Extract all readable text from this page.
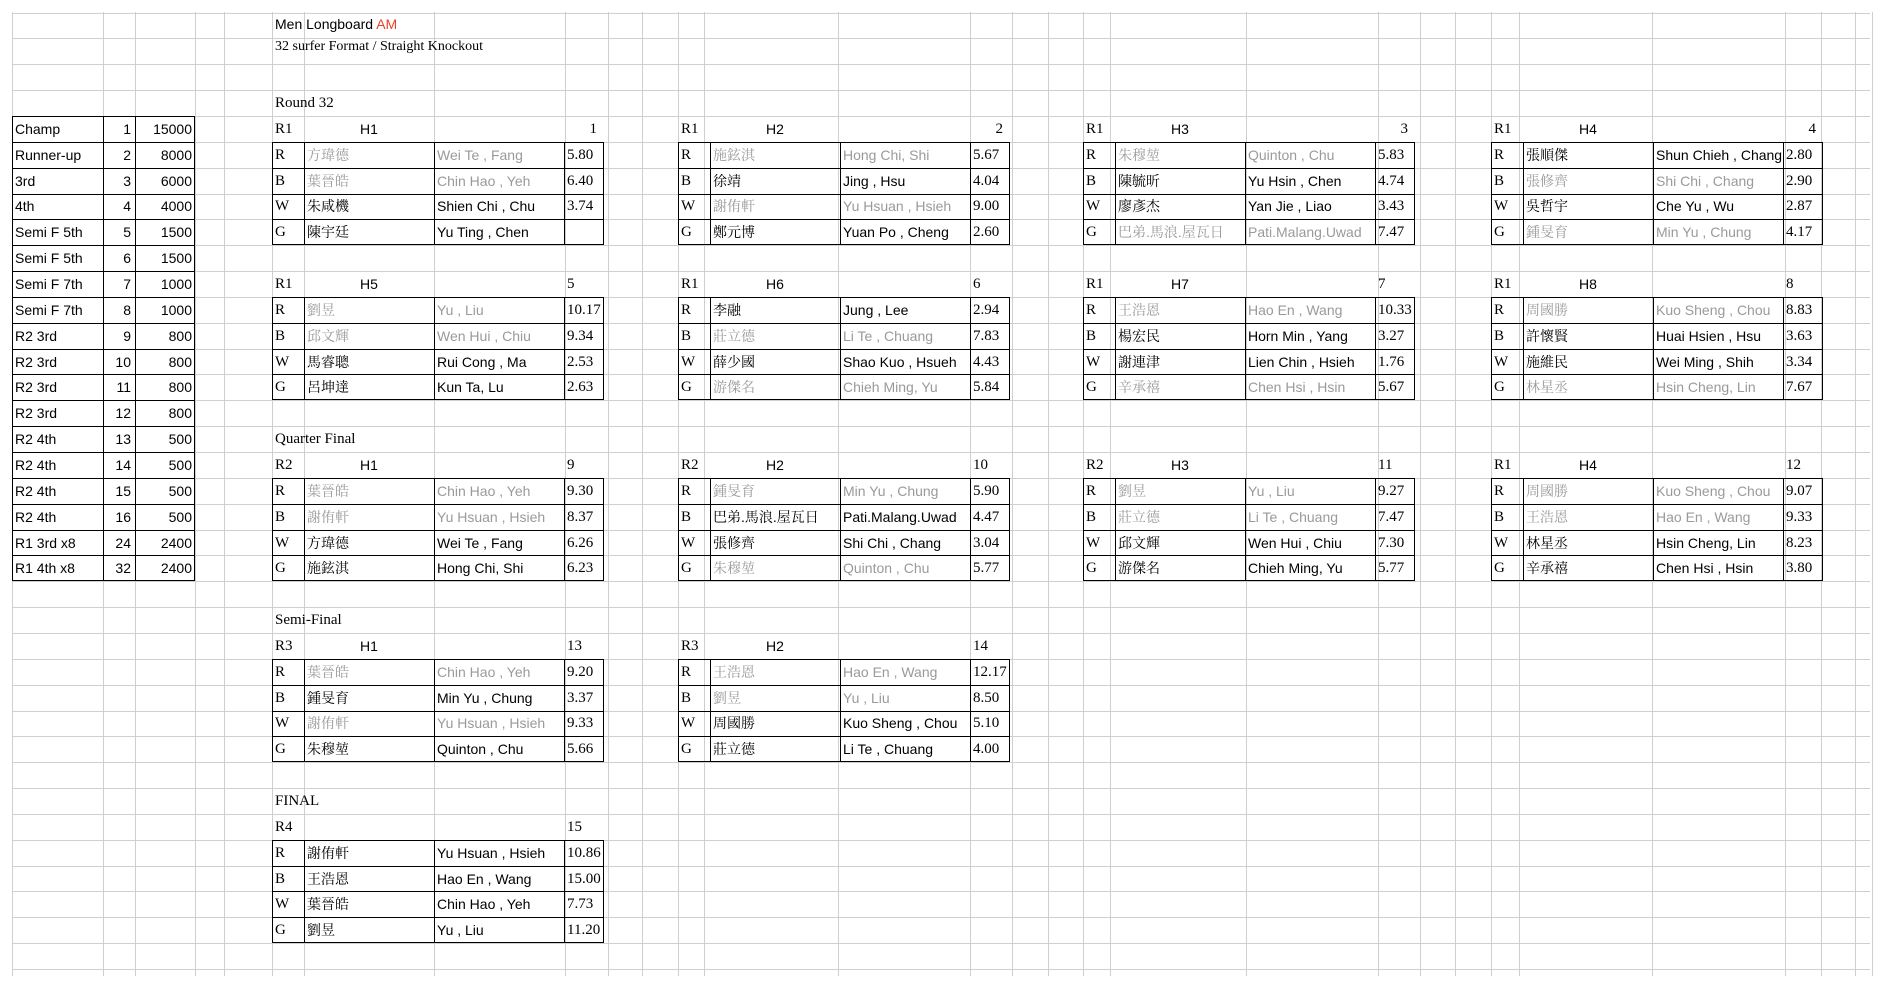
Men Longboard AM
32 surfer Format / Straight Knockout
Champ	1	15000
Runner-up	2	8000
3rd	3	6000
4th	4	4000
Semi F 5th	5	1500
Semi F 5th	6	1500
Semi F 7th	7	1000
Semi F 7th	8	1000
R2 3rd	9	800
R2 3rd	10	800
R2 3rd	11	800
R2 3rd	12	800
R2 4th	13	500
R2 4th	14	500
R2 4th	15	500
R2 4th	16	500
R1 3rd x8	24	2400
R1 4th x8	32	2400
Round 32
R1	H1	1
R 方瑋德	Wei Te , Fang	5.80
B 葉晉皓	Chin Hao , Yeh 6.40
W 朱咸機	Shien Chi , Chu 3.74
G 陳宇廷	Yu Ting , Chen
R1	H2	2
R 施鉉淇	Hong Chi, Shi	5.67
B 徐靖	Jing , Hsu	4.04
W 謝侑軒	Yu Hsuan , Hsieh 9.00
G 鄭元博	Yuan Po , Cheng 2.60
R1	H3	3
R 朱穆堃	Quinton , Chu	5.83
B 陳毓昕	Yu Hsin , Chen 4.74
W 廖彥杰	Yan Jie , Liao	3.43
G 巴弟.馬浪.屋瓦日 Pati.Malang.Uwad 7.47
R1	H4	4
R 張順傑	Shun Chieh , Chang 2.80
B 張修齊	Shi Chi , Chang 2.90
W 吳哲宇	Che Yu , Wu	2.87
G 鍾旻育	Min Yu , Chung 4.17
R1	H5	5
R 劉昱	Yu , Liu	10.17
B 邱文輝	Wen Hui , Chiu 9.34
W 馬睿聰	Rui Cong , Ma	2.53
G 呂坤達	Kun Ta, Lu	2.63
R1	H6	6
R 李融	Jung , Lee	2.94
B 莊立德	Li Te , Chuang	7.83
W 薛少國	Shao Kuo , Hsueh 4.43
G 游傑名	Chieh Ming, Yu 5.84
R1	H7	7
R 王浩恩	Hao En , Wang 10.33
B 楊宏民	Horn Min , Yang 3.27
W 謝連津	Lien Chin , Hsieh 1.76
G 辛承禧	Chen Hsi , Hsin 5.67
R1	H8	8
R 周國勝	Kuo Sheng , Chou 8.83
B 許懷賢	Huai Hsien , Hsu 3.63
W 施維民	Wei Ming , Shih 3.34
G 林星丞	Hsin Cheng, Lin 7.67
Quarter Final
R2	H1	9
R 葉晉皓	Chin Hao , Yeh 9.30
B 謝侑軒	Yu Hsuan , Hsieh 8.37
W 方瑋德	Wei Te , Fang	6.26
G 施鉉淇	Hong Chi, Shi	6.23
R2	H2	10
R 鍾旻育	Min Yu , Chung 5.90
B 巴弟.馬浪.屋瓦日 Pati.Malang.Uwad 4.47
W 張修齊	Shi Chi , Chang 3.04
G 朱穆堃	Quinton , Chu	5.77
R2	H3	11
R 劉昱	Yu , Liu	9.27
B 莊立德	Li Te , Chuang	7.47
W 邱文輝	Wen Hui , Chiu 7.30
G 游傑名	Chieh Ming, Yu 5.77
R1	H4	12
R 周國勝	Kuo Sheng , Chou 9.07
B 王浩恩	Hao En , Wang 9.33
W 林星丞	Hsin Cheng, Lin 8.23
G 辛承禧	Chen Hsi , Hsin 3.80
Semi-Final
R3	H1	13
R 葉晉皓	Chin Hao , Yeh 9.20
B 鍾旻育	Min Yu , Chung 3.37
W 謝侑軒	Yu Hsuan , Hsieh 9.33
G 朱穆堃	Quinton , Chu	5.66
R3	H2	14
R 王浩恩	Hao En , Wang 12.17
B 劉昱	Yu , Liu	8.50
W 周國勝	Kuo Sheng , Chou 5.10
G 莊立德	Li Te , Chuang	4.00
FINAL
R4	15
R 謝侑軒	Yu Hsuan , Hsieh 10.86
B 王浩恩	Hao En , Wang 15.00
W 葉晉皓	Chin Hao , Yeh 7.73
G 劉昱	Yu , Liu	11.20
